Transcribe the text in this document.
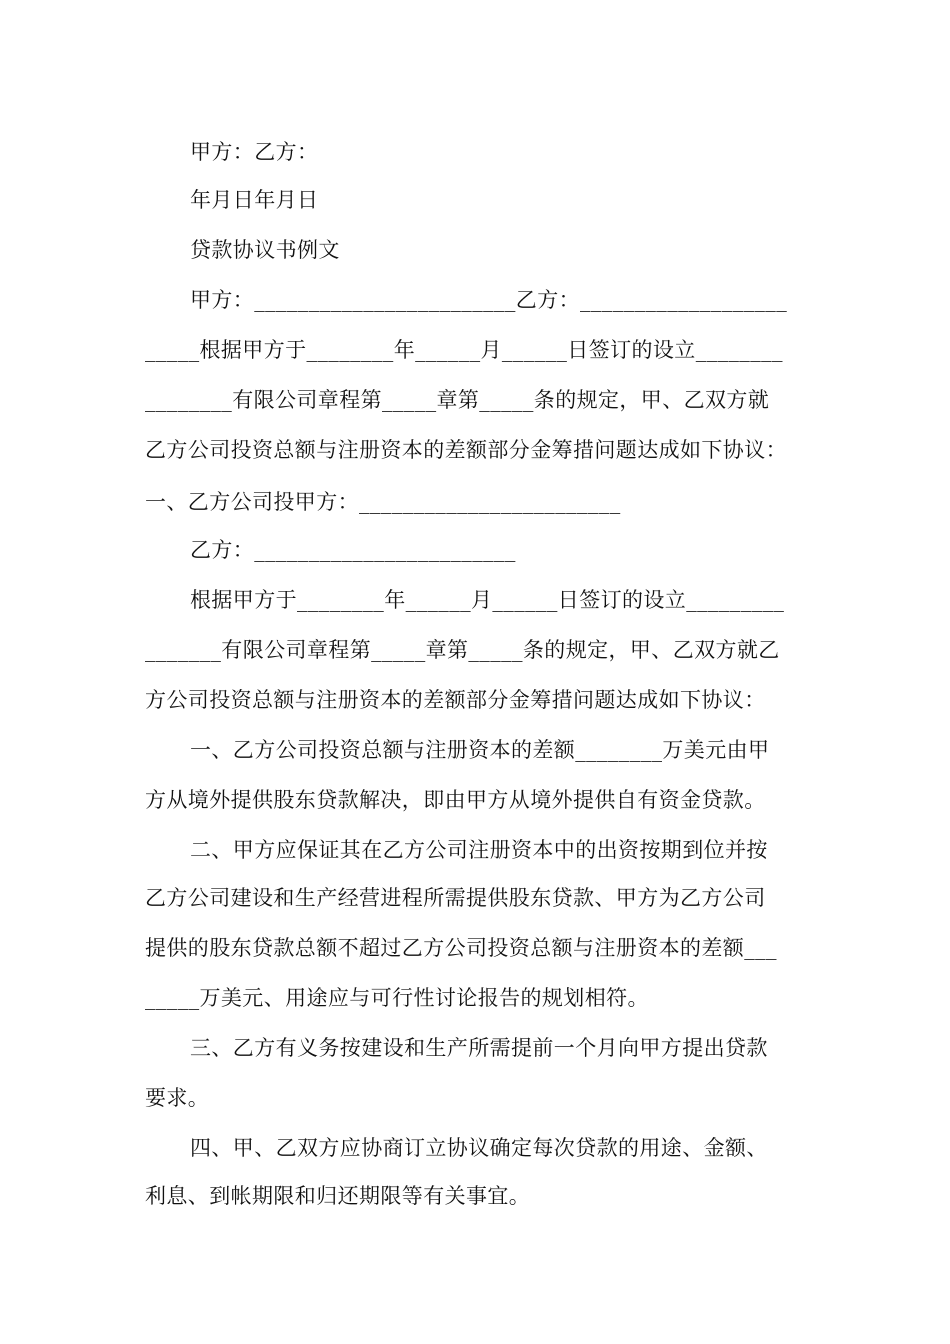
甲方：乙方：
年月日年月日
贷款协议书例文
甲方：________________________乙方：___________________
_____根据甲方于________年______月______日签订的设立________
________有限公司章程第_____章第_____条的规定，甲、乙双方就
乙方公司投资总额与注册资本的差额部分金筹措问题达成如下协议：
一、乙方公司投甲方：________________________
乙方：________________________
根据甲方于________年______月______日签订的设立_________
_______有限公司章程第_____章第_____条的规定，甲、乙双方就乙
方公司投资总额与注册资本的差额部分金筹措问题达成如下协议：
一、乙方公司投资总额与注册资本的差额________万美元由甲
方从境外提供股东贷款解决，即由甲方从境外提供自有资金贷款。
二、甲方应保证其在乙方公司注册资本中的出资按期到位并按
乙方公司建设和生产经营进程所需提供股东贷款、甲方为乙方公司
提供的股东贷款总额不超过乙方公司投资总额与注册资本的差额___
_____万美元、用途应与可行性讨论报告的规划相符。
三、乙方有义务按建设和生产所需提前一个月向甲方提出贷款
要求。
四、甲、乙双方应协商订立协议确定每次贷款的用途、金额、
利息、到帐期限和归还期限等有关事宜。
